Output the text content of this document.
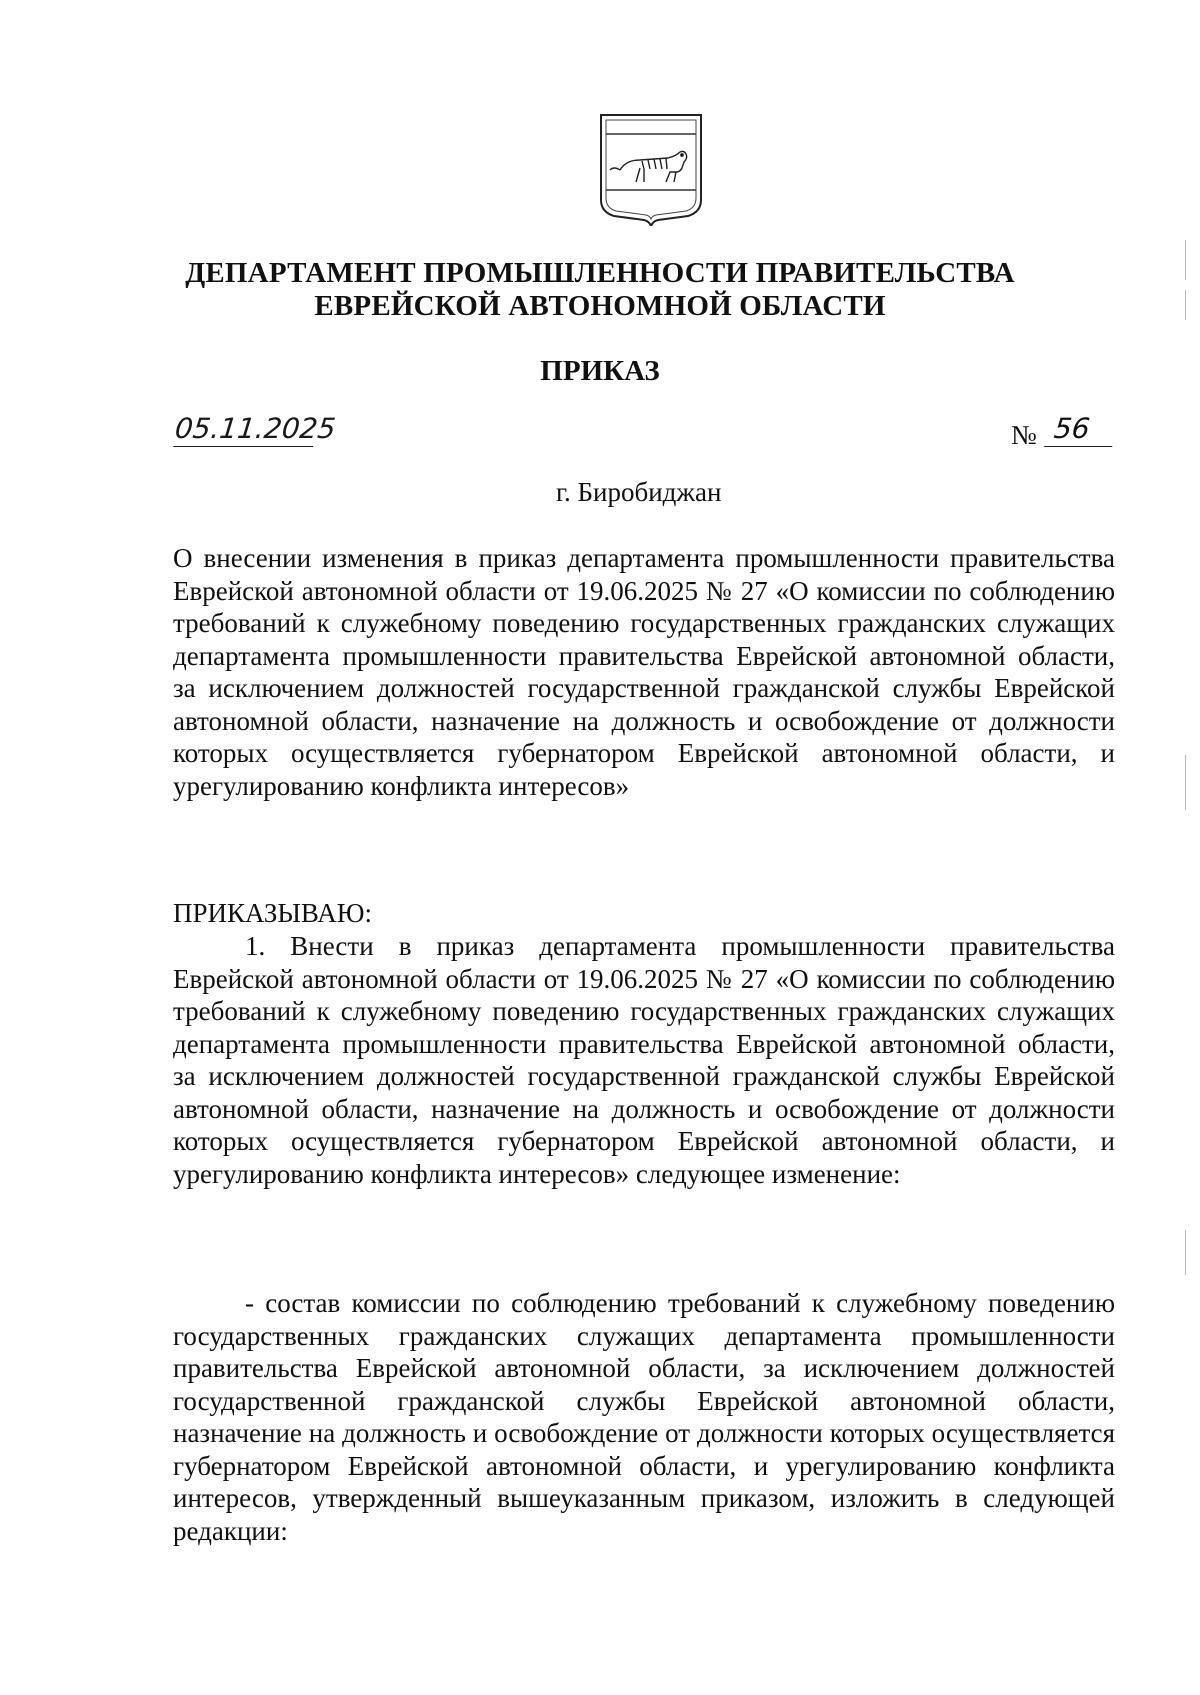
ДЕПАРТАМЕНТ ПРОМЫШЛЕННОСТИ ПРАВИТЕЛЬСТВА
ЕВРЕЙСКОЙ АВТОНОМНОЙ ОБЛАСТИ
ПРИКАЗ
05.11.2025	№ 56
г. Биробиджан
О внесении изменения в приказ департамента промышленности правительства Еврейской автономной области от 19.06.2025 № 27 «О комиссии по соблюдению требований к служебному поведению государственных гражданских служащих департамента промышленности правительства Еврейской автономной области, за исключением должностей государственной гражданской службы Еврейской автономной области, назначение на должность и освобождение от должности которых осуществляется губернатором Еврейской автономной области, и урегулированию конфликта интересов»
ПРИКАЗЫВАЮ:
1. Внести в приказ департамента промышленности правительства Еврейской автономной области от 19.06.2025 № 27 «О комиссии по соблюдению требований к служебному поведению государственных гражданских служащих департамента промышленности правительства Еврейской автономной области, за исключением должностей государственной гражданской службы Еврейской автономной области, назначение на должность и освобождение от должности которых осуществляется губернатором Еврейской автономной области, и урегулированию конфликта интересов» следующее изменение:
- состав комиссии по соблюдению требований к служебному поведению государственных гражданских служащих департамента промышленности правительства Еврейской автономной области, за исключением должностей государственной гражданской службы Еврейской автономной области, назначение на должность и освобождение от должности которых осуществляется губернатором Еврейской автономной области, и урегулированию конфликта интересов, утвержденный вышеуказанным приказом, изложить в следующей редакции:
